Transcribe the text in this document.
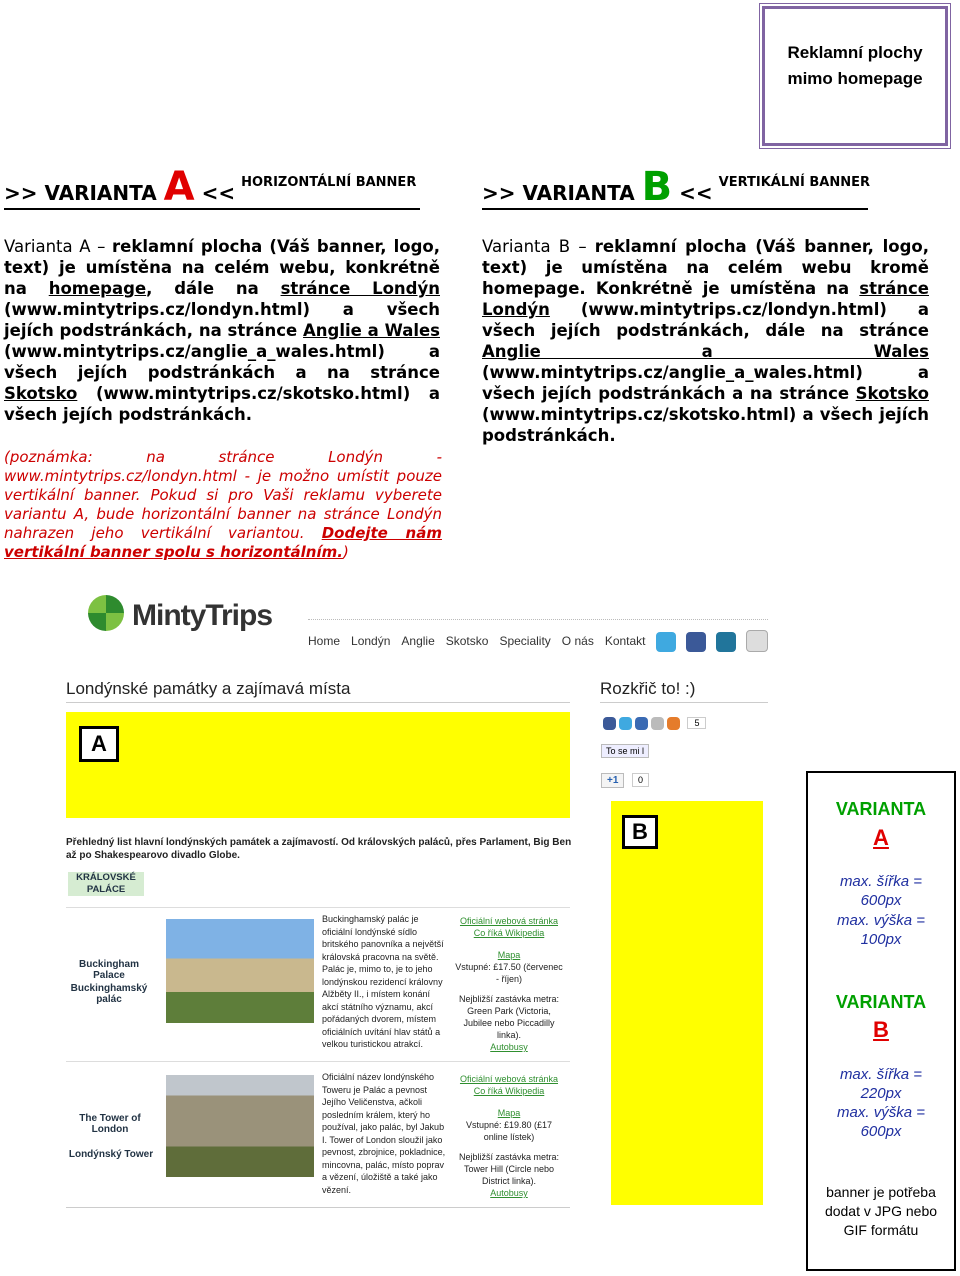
Reklamní plochy
mimo homepage
>> VARIANTA A << $^{HORIZONTÁLNÍ BANNER}$	>> VARIANTA B << $^{VERTIKÁLNÍ BANNER}$
Varianta A – reklamní plocha (Váš banner, logo, text) je umístěna na celém webu, konkrétně na homepage, dále na stránce Londýn (www.mintytrips.cz/londyn.html) a všech jejích podstránkách, na stránce Anglie a Wales (www.mintytrips.cz/anglie_a_wales.html) a všech jejích podstránkách a na stránce Skotsko (www.mintytrips.cz/skotsko.html) a všech jejích podstránkách.
Varianta B – reklamní plocha (Váš banner, logo, text) je umístěna na celém webu kromě homepage. Konkrétně je umístěna na stránce Londýn (www.mintytrips.cz/londyn.html) a všech jejích podstránkách, dále na stránce Anglie a Wales (www.mintytrips.cz/anglie_a_wales.html) a všech jejích podstránkách a na stránce Skotsko (www.mintytrips.cz/skotsko.html) a všech jejích podstránkách.
(poznámka: na stránce Londýn - www.mintytrips.cz/londyn.html - je možno umístit pouze vertikální banner. Pokud si pro Vaši reklamu vyberete variantu A, bude horizontální banner na stránce Londýn nahrazen jeho vertikální variantou. Dodejte nám vertikální banner spolu s horizontálním.)
MintyTrips
Home Londýn Anglie Skotsko Speciality O nás Kontakt
Londýnské památky a zajímavá místa
A
Přehledný list hlavní londýnských památek a zajímavostí. Od královských paláců, přes Parlament, Big Ben až po Shakespearovo divadlo Globe.
KRÁLOVSKÉ PALÁCE
Buckingham Palace
Buckinghamský palác
Buckinghamský palác je oficiální londýnské sídlo britského panovníka a největší královská pracovna na světě. Palác je, mimo to, je to jeho londýnskou rezidencí královny Alžběty II., i místem konání akcí státního významu, akcí pořádaných dvorem, místem oficiálních uvítání hlav států a velkou turistickou atrakcí.
Oficiální webová stránka
Co říká Wikipedia
Mapa
Vstupné: £17.50 (červenec - říjen)
Nejbližší zastávka metra: Green Park (Victoria, Jubilee nebo Piccadilly linka).
Autobusy
The Tower of London
Londýnský Tower
Oficiální název londýnského Toweru je Palác a pevnost Jejího Veličenstva, ačkoli posledním králem, který ho používal, jako palác, byl Jakub I. Tower of London sloužil jako pevnost, zbrojnice, pokladnice, mincovna, palác, místo poprav a vězení, úložiště a také jako vězení.
Oficiální webová stránka
Co říká Wikipedia
Mapa
Vstupné: £19.80 (£17 online lístek)
Nejbližší zastávka metra: Tower Hill (Circle nebo District linka).
Autobusy
Rozkřič to! :)
5
To se mi l
+1	0
B
VARIANTA
A
max. šířka = 600px
max. výška = 100px
VARIANTA
B
max. šířka = 220px
max. výška = 600px
banner je potřeba dodat v JPG nebo GIF formátu
